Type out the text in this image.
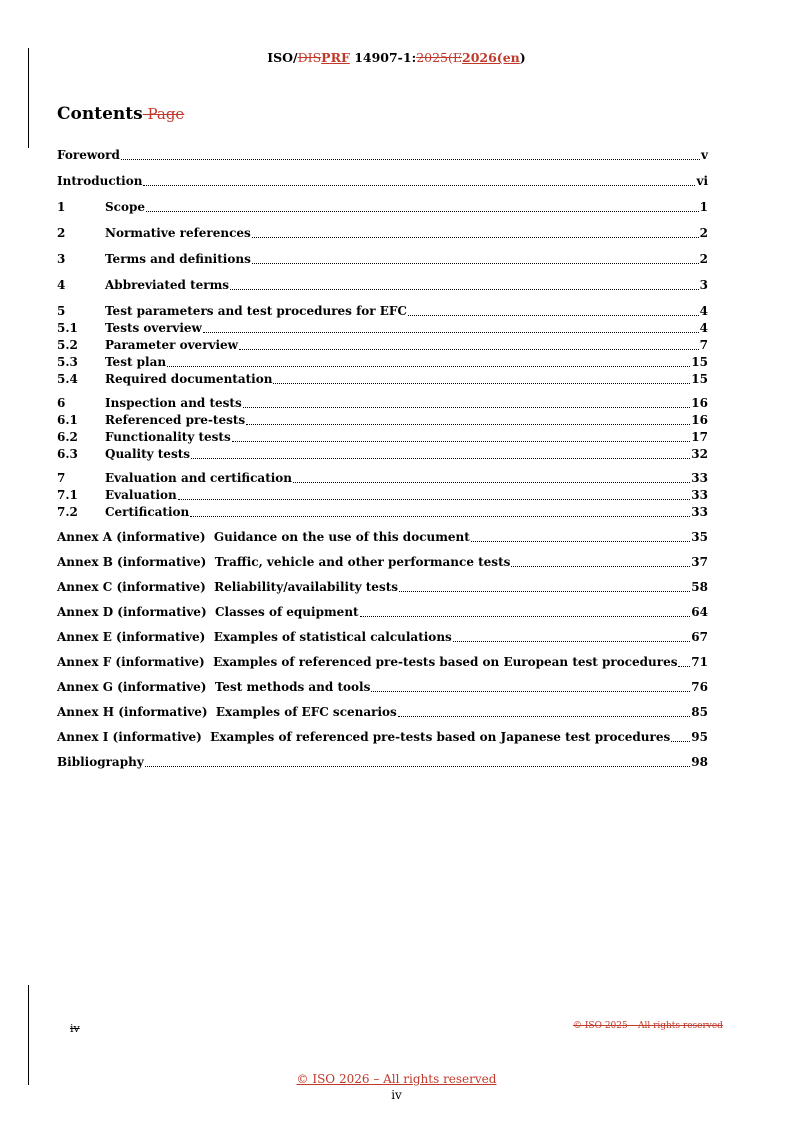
ISO/DISPRF 14907-1:2025(E2026(en)
Contents Page
Foreword	v
Introduction	vi
1	Scope	1
2	Normative references	2
3	Terms and definitions	2
4	Abbreviated terms	3
5	Test parameters and test procedures for EFC	4
5.1	Tests overview	4
5.2	Parameter overview	7
5.3	Test plan	15
5.4	Required documentation	15
6	Inspection and tests	16
6.1	Referenced pre-tests	16
6.2	Functionality tests	17
6.3	Quality tests	32
7	Evaluation and certification	33
7.1	Evaluation	33
7.2	Certification	33
Annex A (informative)  Guidance on the use of this document	35
Annex B (informative)  Traffic, vehicle and other performance tests	37
Annex C (informative)  Reliability/availability tests	58
Annex D (informative)  Classes of equipment	64
Annex E (informative)  Examples of statistical calculations	67
Annex F (informative)  Examples of referenced pre-tests based on European test procedures 71
Annex G (informative)  Test methods and tools	76
Annex H (informative)  Examples of EFC scenarios	85
Annex I (informative)  Examples of referenced pre-tests based on Japanese test procedures 95
Bibliography	98
iv	© ISO 2025 – All rights reserved
© ISO 2026 – All rights reserved
iv
